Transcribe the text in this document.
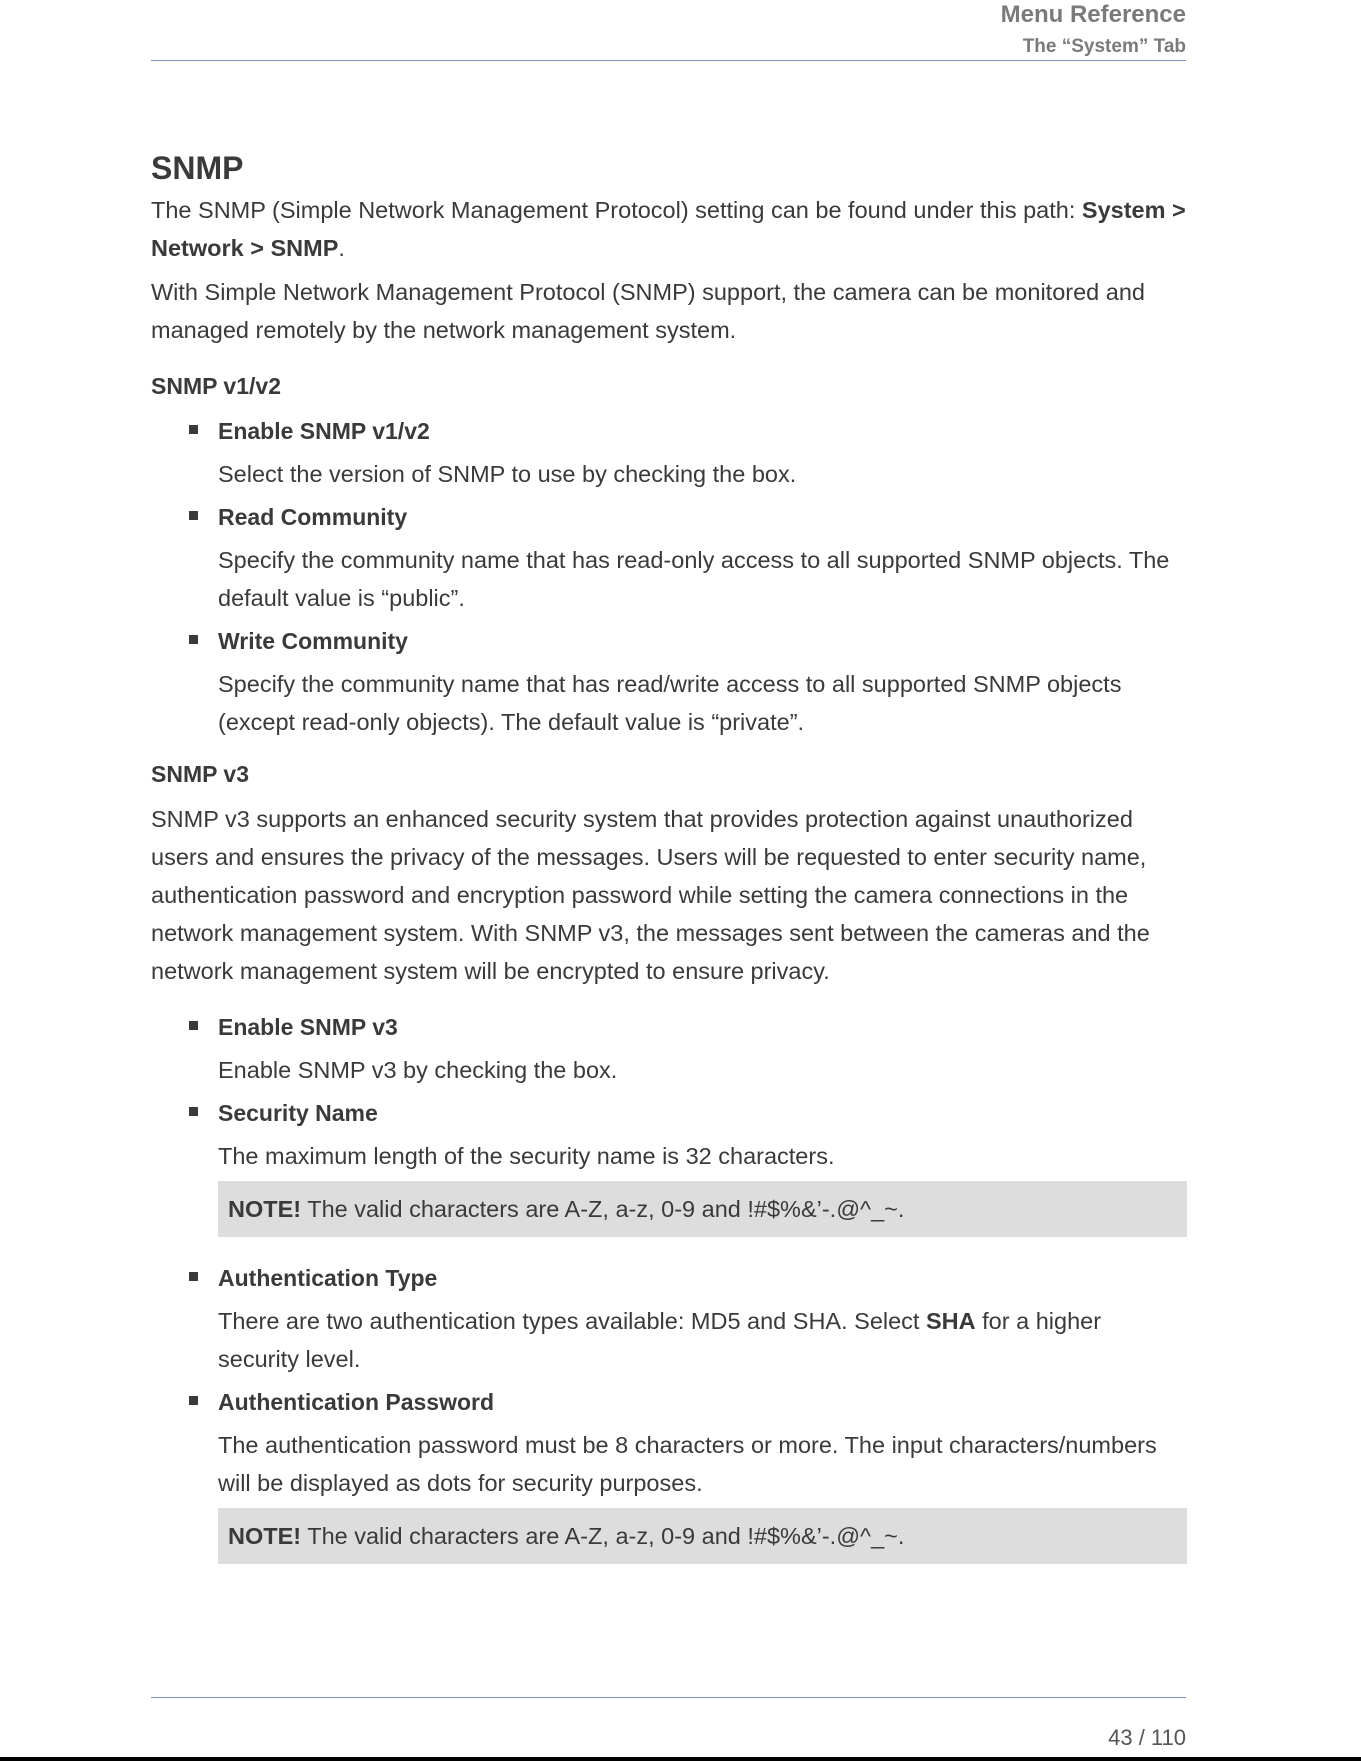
Menu Reference
The “System” Tab
SNMP

The SNMP (Simple Network Management Protocol) setting can be found under this path: System > Network > SNMP.

With Simple Network Management Protocol (SNMP) support, the camera can be monitored and managed remotely by the network management system.

SNMP v1/v2
Enable SNMP v1/v2
Select the version of SNMP to use by checking the box.
Read Community
Specify the community name that has read-only access to all supported SNMP objects. The default value is “public”.
Write Community
Specify the community name that has read/write access to all supported SNMP objects (except read-only objects). The default value is “private”.
SNMP v3

SNMP v3 supports an enhanced security system that provides protection against unauthorized users and ensures the privacy of the messages. Users will be requested to enter security name, authentication password and encryption password while setting the camera connections in the network management system. With SNMP v3, the messages sent between the cameras and the network management system will be encrypted to ensure privacy.

Enable SNMP v3
Enable SNMP v3 by checking the box.
Security Name
The maximum length of the security name is 32 characters.
NOTE! The valid characters are A-Z, a-z, 0-9 and !#$%&’-.@^_~.
Authentication Type
There are two authentication types available: MD5 and SHA. Select SHA for a higher security level.
Authentication Password
The authentication password must be 8 characters or more. The input characters/numbers will be displayed as dots for security purposes.
NOTE! The valid characters are A-Z, a-z, 0-9 and !#$%&’-.@^_~.
43 / 110
